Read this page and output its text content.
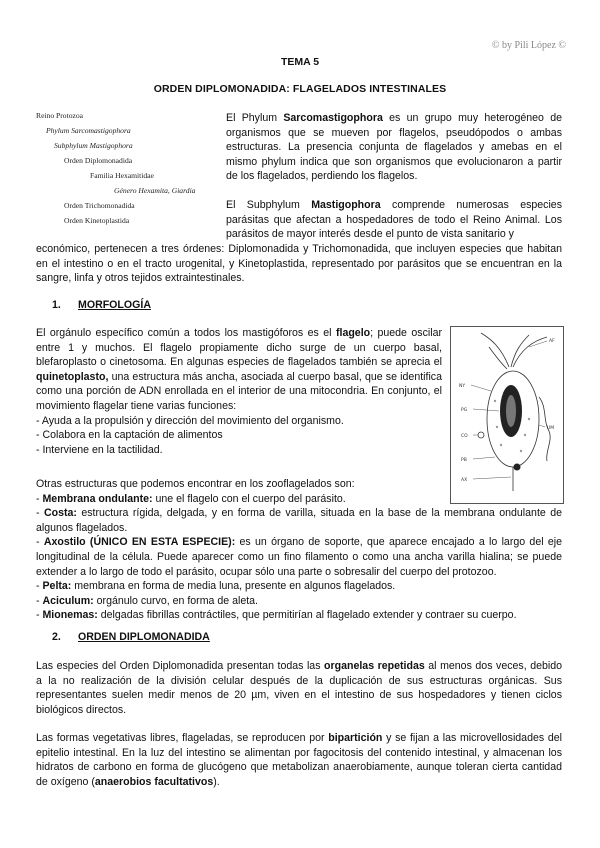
© by Pili López ©
TEMA 5
ORDEN DIPLOMONADIDA: FLAGELADOS INTESTINALES
Reino Protozoa
Phylum Sarcomastigophora
Subphylum Mastigophora
Orden Diplomonadida
Familia Hexamitidae
Género Hexamita, Giardia
Orden Trichomonadida
Orden Kinetoplastida

El Phylum Sarcomastigophora es un grupo muy heterogéneo de organismos que se mueven por flagelos, pseudópodos o ambas estructuras. La presencia conjunta de flagelados y amebas en el mismo phylum indica que son organismos que evolucionaron a partir de los flagelados, perdiendo los flagelos.

El Subphylum Mastigophora comprende numerosas especies parásitas que afectan a hospedadores de todo el Reino Animal. Los parásitos de mayor interés desde el punto de vista sanitario y

económico, pertenecen a tres órdenes: Diplomonadida y Trichomonadida, que incluyen especies que habitan en el intestino o en el tracto urogenital, y Kinetoplastida, representado por parásitos que se encuentran en la sangre, linfa y otros tejidos extraintestinales.

1. MORFOLOGÍA

El orgánulo específico común a todos los mastigóforos es el flagelo; puede oscilar entre 1 y muchos. El flagelo propiamente dicho surge de un cuerpo basal, blefaroplasto o cinetosoma. En algunas especies de flagelados también se aprecia el quinetoplasto, una estructura más ancha, asociada al cuerpo basal, que se identifica como una porción de ADN enrollada en el interior de una mitocondria. En conjunto, el movimiento flagelar tiene varias funciones:

- Ayuda a la propulsión y dirección del movimiento del organismo.
- Colabora en la captación de alimentos
- Interviene en la tactilidad.
AF
NY
PG
CO
UM
PB
AX
Otras estructuras que podemos encontrar en los zooflagelados son:
- Membrana ondulante: une el flagelo con el cuerpo del parásito.
- Costa: estructura rígida, delgada, y en forma de varilla, situada en la base de la membrana ondulante de algunos flagelados.
- Axostilo (ÚNICO EN ESTA ESPECIE): es un órgano de soporte, que aparece encajado a lo largo del eje longitudinal de la célula. Puede aparecer como un fino filamento o como una ancha varilla hialina; se puede extender a lo largo de todo el parásito, ocupar sólo una parte o sobresalir del cuerpo del protozoo.
- Pelta: membrana en forma de media luna, presente en algunos flagelados.
- Aciculum: orgánulo curvo, en forma de aleta.
- Mionemas: delgadas fibrillas contráctiles, que permitirían al flagelado extender y contraer su cuerpo.
2. ORDEN DIPLOMONADIDA

Las especies del Orden Diplomonadida presentan todas las organelas repetidas al menos dos veces, debido a la no realización de la división celular después de la duplicación de sus estructuras orgánicas. Sus representantes suelen medir menos de 20 µm, viven en el intestino de sus hospedadores y tienen ciclos biológicos directos.

Las formas vegetativas libres, flageladas, se reproducen por bipartición y se fijan a las microvellosidades del epitelio intestinal. En la luz del intestino se alimentan por fagocitosis del contenido intestinal, y almacenan los hidratos de carbono en forma de glucógeno que metabolizan anaerobiamente, aunque toleran cierta cantidad de oxígeno (anaerobios facultativos).
